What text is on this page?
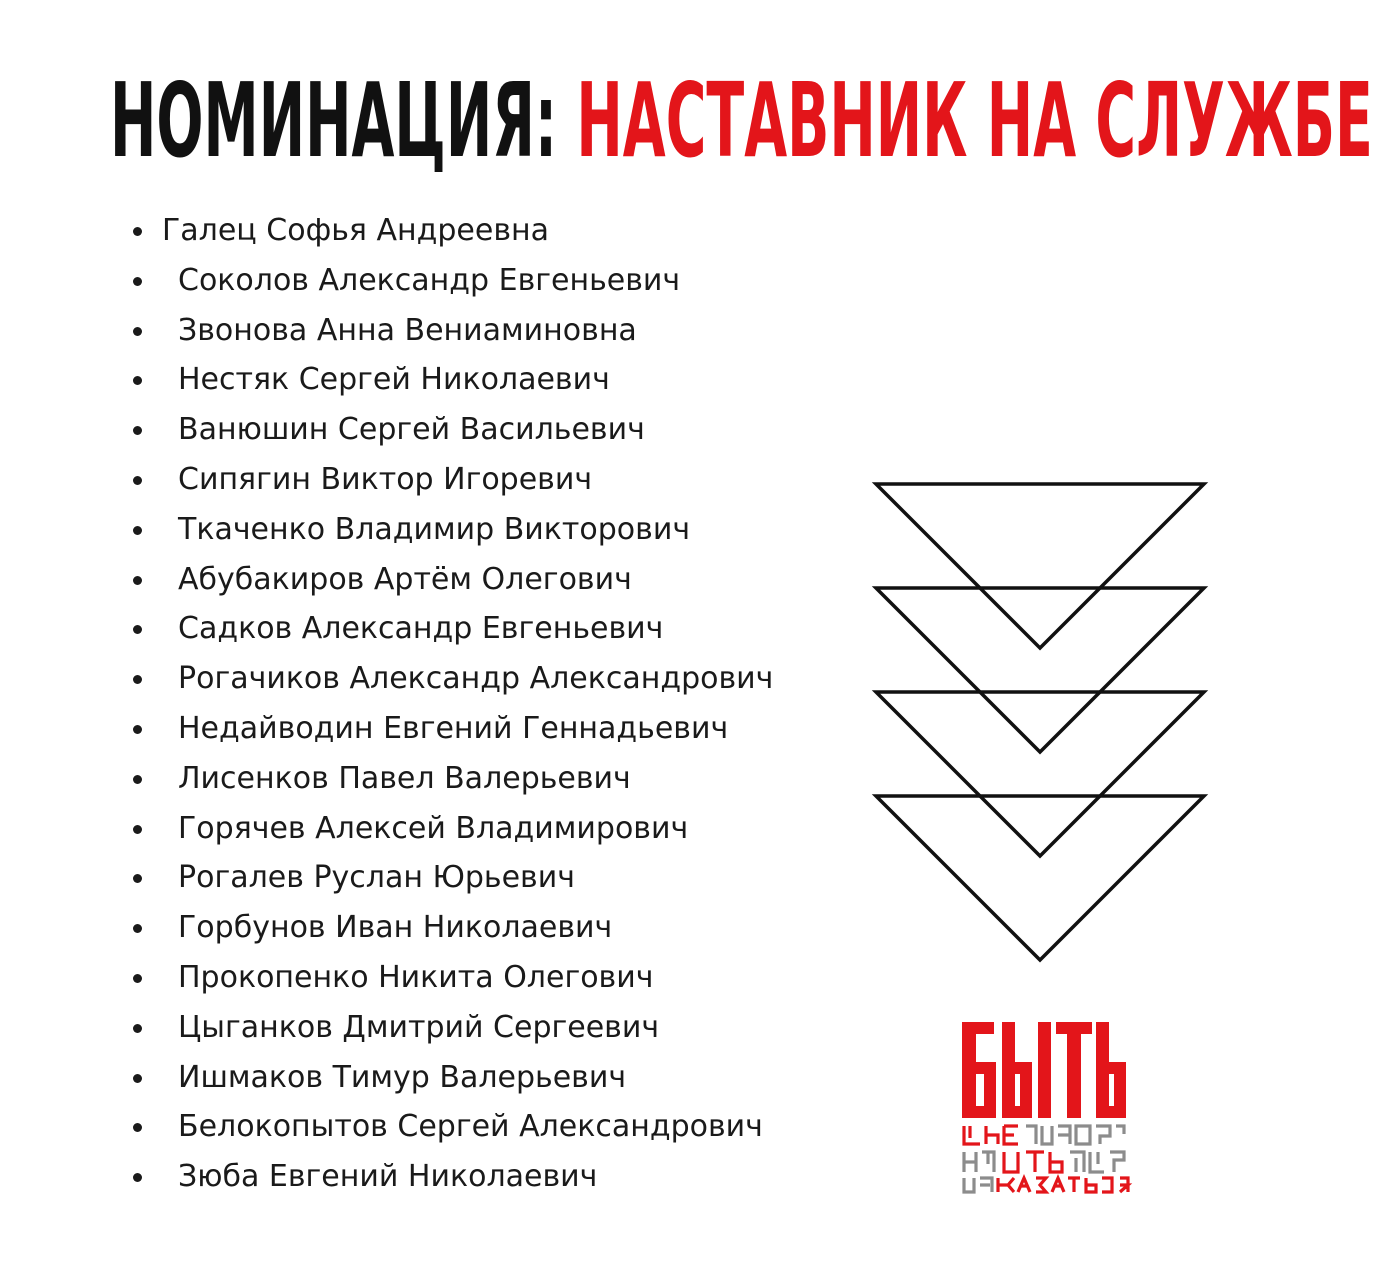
НОМИНАЦИЯ: НАСТАВНИК НА СЛУЖБЕ
Галец Софья Андреевна
Соколов Александр Евгеньевич
Звонова Анна Вениаминовна
Нестяк Сергей Николаевич
Ванюшин Сергей Васильевич
Сипягин Виктор Игоревич
Ткаченко Владимир Викторович
Абубакиров Артём Олегович
Садков Александр Евгеньевич
Рогачиков Александр Александрович
Недайводин Евгений Геннадьевич
Лисенков Павел Валерьевич
Горячев Алексей Владимирович
Рогалев Руслан Юрьевич
Горбунов Иван Николаевич
Прокопенко Никита Олегович
Цыганков Дмитрий Сергеевич
Ишмаков Тимур Валерьевич
Белокопытов Сергей Александрович
Зюба Евгений Николаевич
